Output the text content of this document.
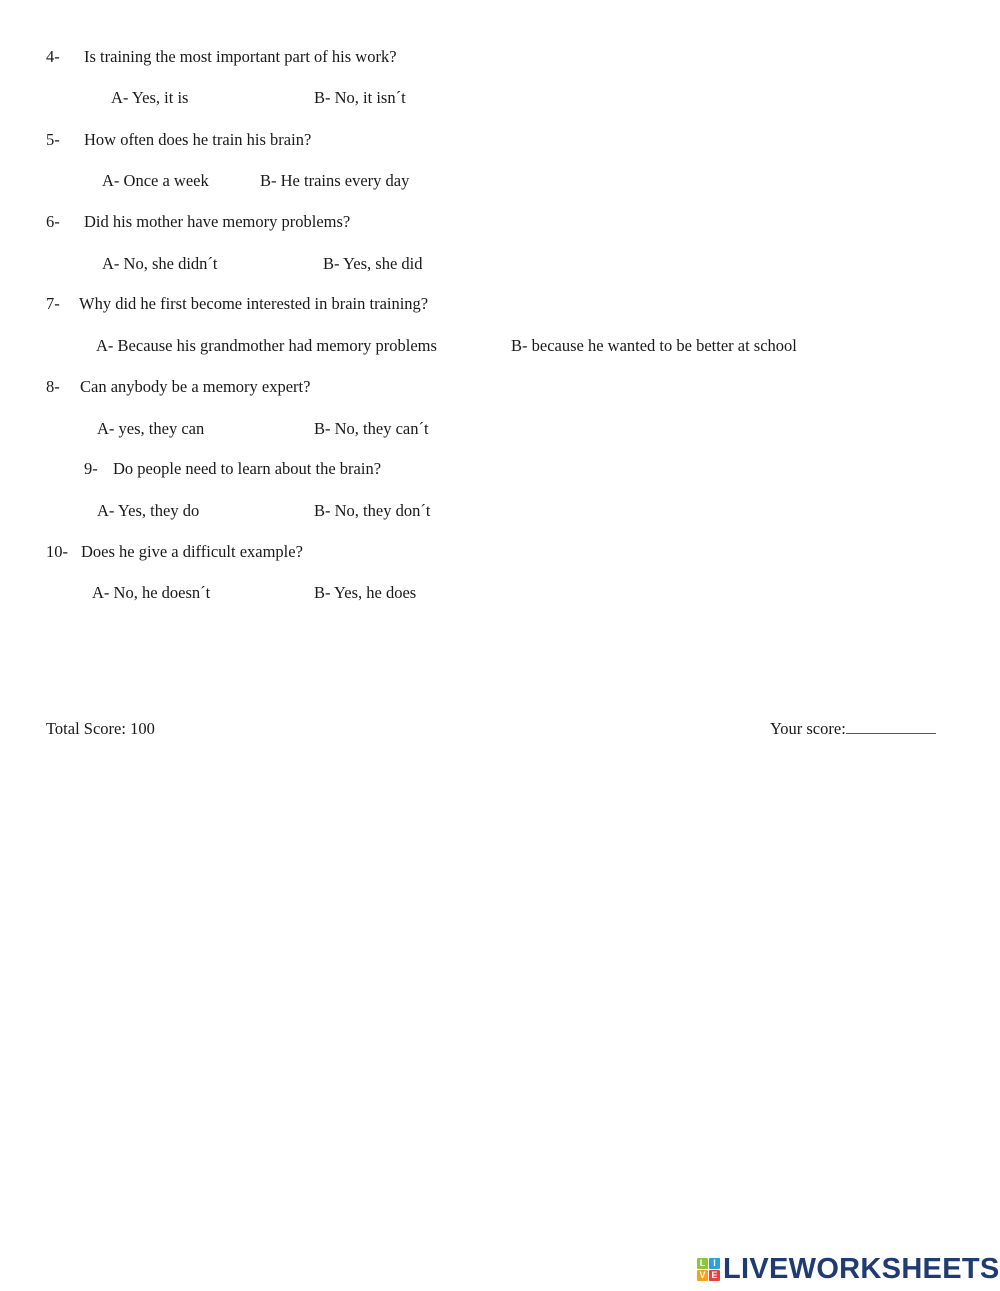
4- Is training the most important part of his work?
A- Yes, it is	B- No, it isn´t
5- How often does he train his brain?
A- Once a week	B- He trains every day
6- Did his mother have memory problems?
A- No, she didn´t	B- Yes, she did
7- Why did he first become interested in brain training?
A- Because his grandmother had memory problems	B- because he wanted to be better at school
8- Can anybody be a memory expert?
A- yes, they can	B- No, they can´t
9- Do people need to learn about the brain?
A- Yes, they do	B- No, they don´t
10- Does he give a difficult example?
A- No, he doesn´t	B- Yes, he does
Total Score: 100	Your score:
L I
V E LIVEWORKSHEETS
